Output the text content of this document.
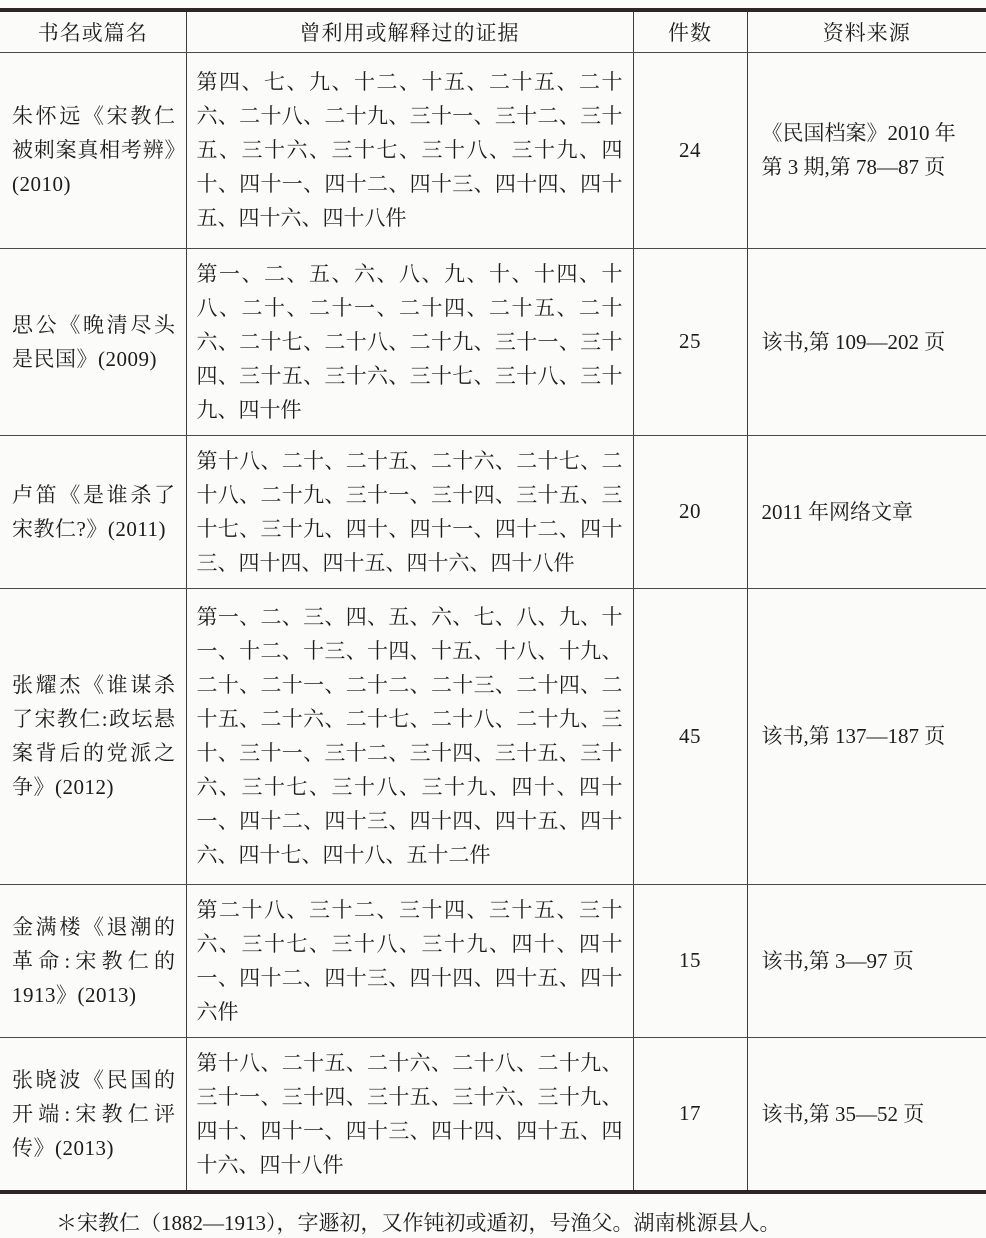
书名或篇名	曾利用或解释过的证据	件数	资料来源
朱怀远《宋教仁被刺案真相考辨》(2010)	第四、七、九、十二、十五、二十五、二十六、二十八、二十九、三十一、三十二、三十五、三十六、三十七、三十八、三十九、四十、四十一、四十二、四十三、四十四、四十五、四十六、四十八件	24	《民国档案》2010 年第 3 期,第 78—87 页
思公《晚清尽头是民国》(2009)	第一、二、五、六、八、九、十、十四、十八、二十、二十一、二十四、二十五、二十六、二十七、二十八、二十九、三十一、三十四、三十五、三十六、三十七、三十八、三十九、四十件	25	该书,第 109—202 页
卢笛《是谁杀了宋教仁?》(2011)	第十八、二十、二十五、二十六、二十七、二十八、二十九、三十一、三十四、三十五、三十七、三十九、四十、四十一、四十二、四十三、四十四、四十五、四十六、四十八件	20	2011 年网络文章
张耀杰《谁谋杀了宋教仁:政坛悬案背后的党派之争》(2012)	第一、二、三、四、五、六、七、八、九、十一、十二、十三、十四、十五、十八、十九、二十、二十一、二十二、二十三、二十四、二十五、二十六、二十七、二十八、二十九、三十、三十一、三十二、三十四、三十五、三十六、三十七、三十八、三十九、四十、四十一、四十二、四十三、四十四、四十五、四十六、四十七、四十八、五十二件	45	该书,第 137—187 页
金满楼《退潮的革命:宋教仁的1913》(2013)	第二十八、三十二、三十四、三十五、三十六、三十七、三十八、三十九、四十、四十一、四十二、四十三、四十四、四十五、四十六件	15	该书,第 3—97 页
张晓波《民国的开端:宋教仁评传》(2013)	第十八、二十五、二十六、二十八、二十九、三十一、三十四、三十五、三十六、三十九、四十、四十一、四十三、四十四、四十五、四十六、四十八件	17	该书,第 35—52 页

＊宋教仁（1882—1913），字遯初，又作钝初或遁初，号渔父。湖南桃源县人。
